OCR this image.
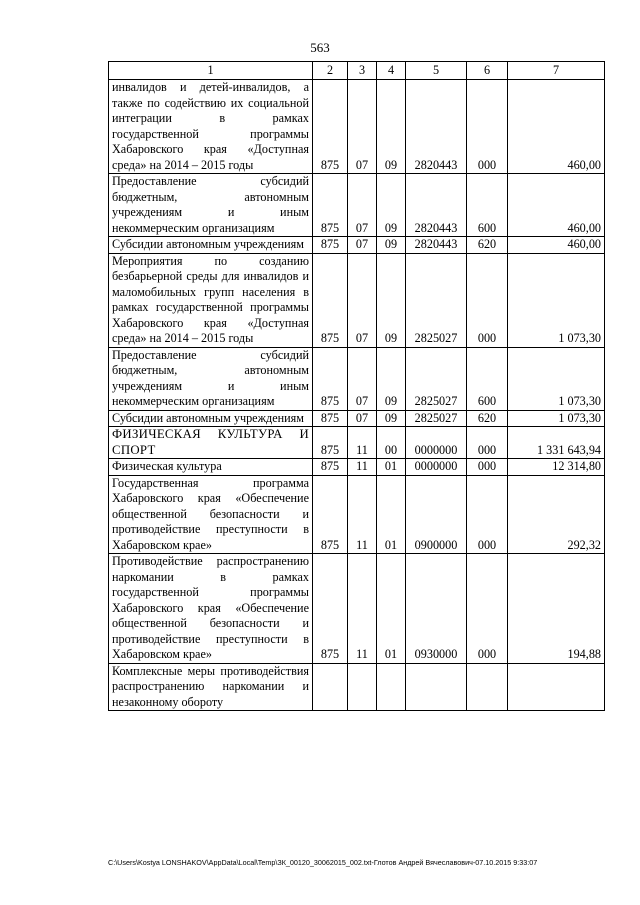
563
1	2	3	4	5	6	7
инвалидов и детей-инвалидов, а также по содействию их социальной интеграции в рамках государственной программы Хабаровского края «Доступная среда» на 2014 – 2015 годы	875	07	09	2820443	000	460,00
Предоставление субсидий бюджетным, автономным учреждениям и иным некоммерческим организациям	875	07	09	2820443	600	460,00
Субсидии автономным учреждениям	875	07	09	2820443	620	460,00
Мероприятия по созданию безбарьерной среды для инвалидов и маломобильных групп населения в рамках государственной программы Хабаровского края «Доступная среда» на 2014 – 2015 годы	875	07	09	2825027	000	1 073,30
Предоставление субсидий бюджетным, автономным учреждениям и иным некоммерческим организациям	875	07	09	2825027	600	1 073,30
Субсидии автономным учреждениям	875	07	09	2825027	620	1 073,30
ФИЗИЧЕСКАЯ КУЛЬТУРА И СПОРТ	875	11	00	0000000	000	1 331 643,94
Физическая культура	875	11	01	0000000	000	12 314,80
Государственная программа Хабаровского края «Обеспечение общественной безопасности и противодействие преступности в Хабаровском крае»	875	11	01	0900000	000	292,32
Противодействие распространению наркомании в рамках государственной программы Хабаровского края «Обеспечение общественной безопасности и противодействие преступности в Хабаровском крае»	875	11	01	0930000	000	194,88
Комплексные меры противодействия распространению наркомании и незаконному обороту						
C:\Users\Kostya LONSHAKOV\AppData\Local\Temp\ЗК_00120_30062015_002.txt-Глотов Андрей Вячеславович-07.10.2015 9:33:07
